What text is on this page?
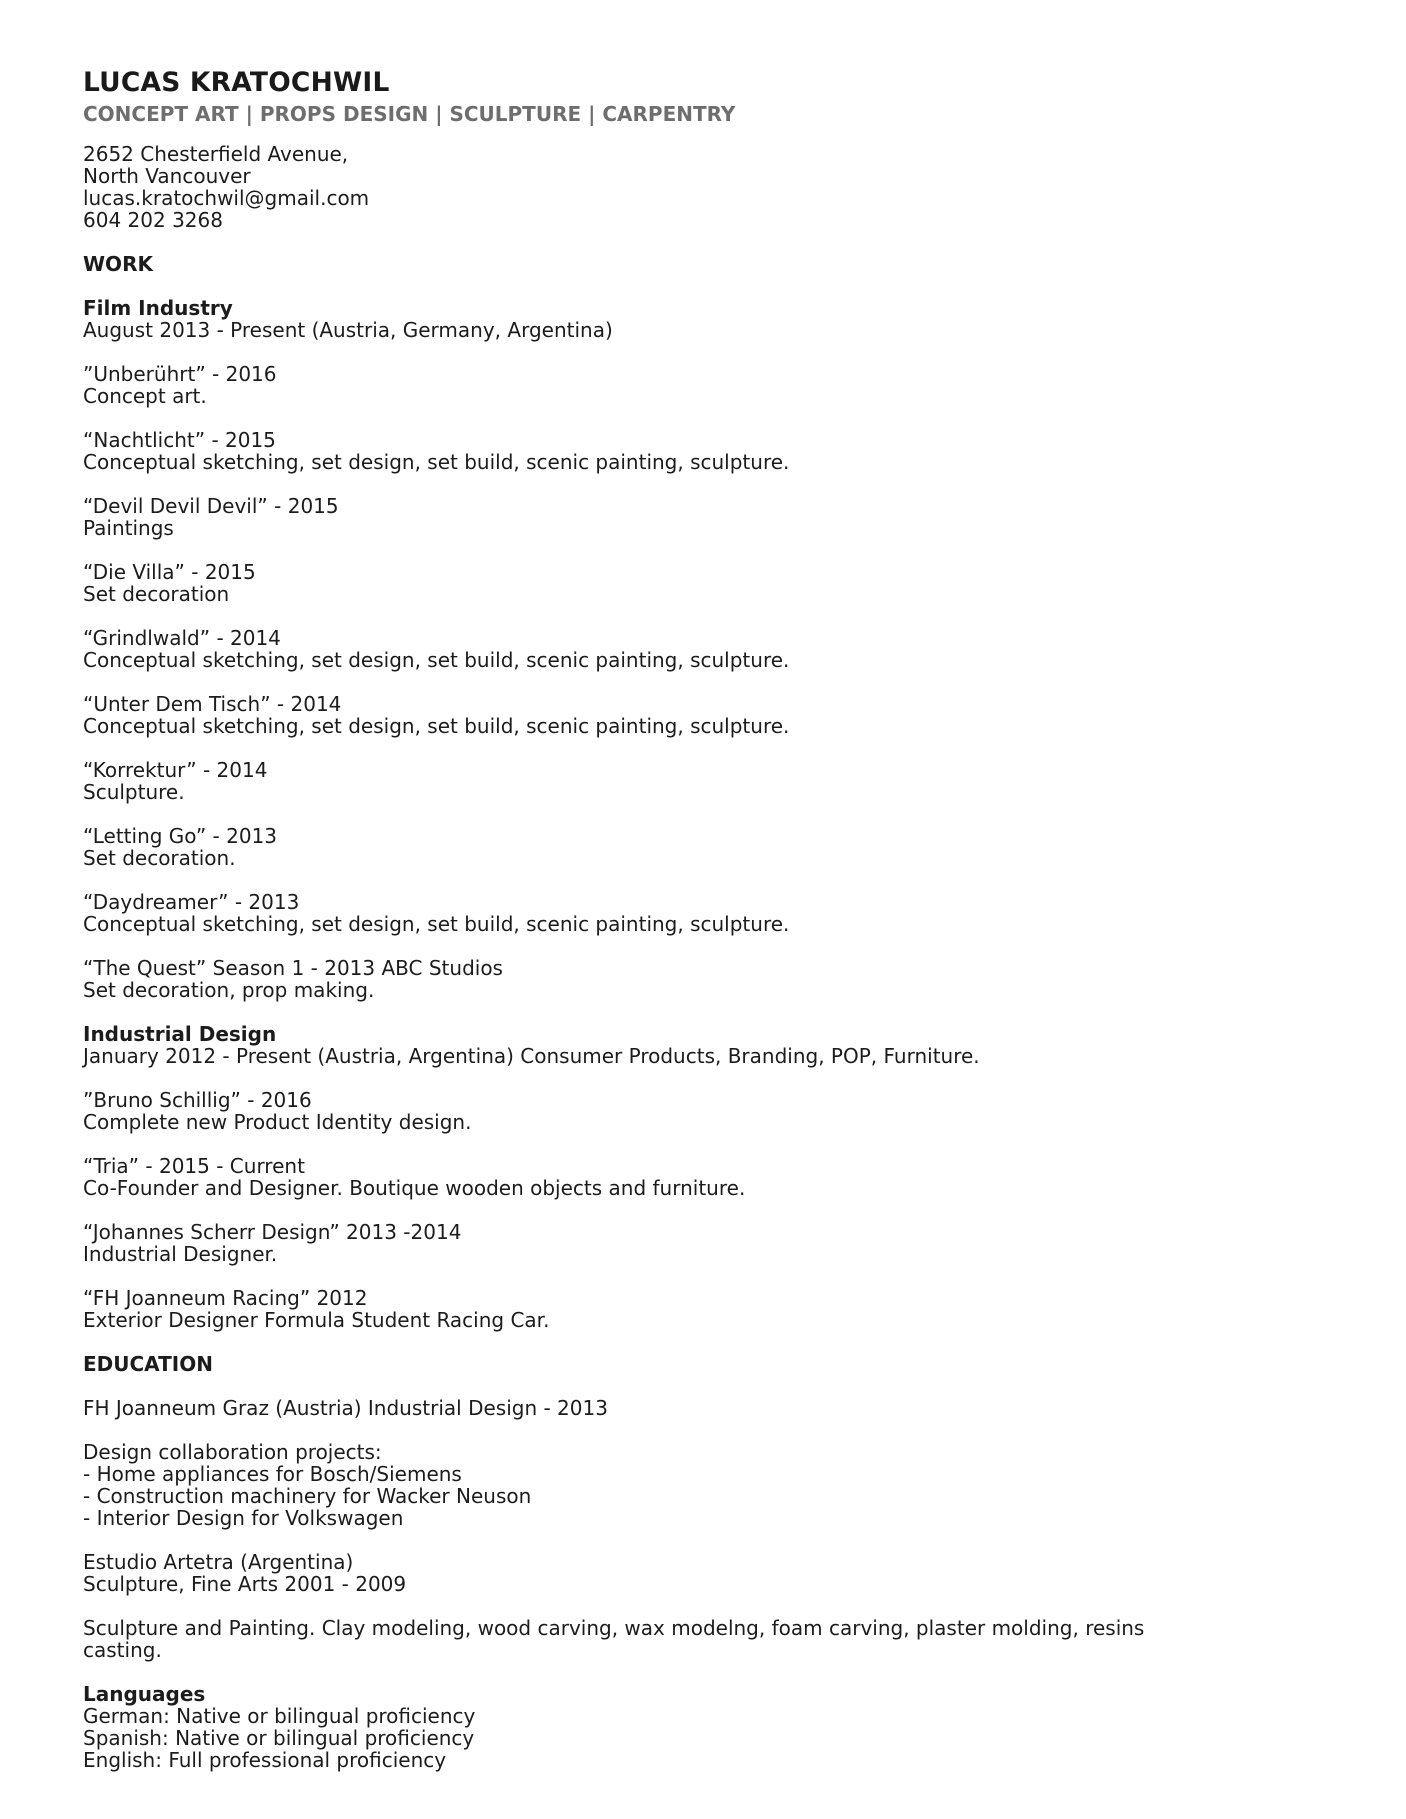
LUCAS KRATOCHWIL
CONCEPT ART | PROPS DESIGN | SCULPTURE | CARPENTRY
2652 Chesterfield Avenue,
North Vancouver
lucas.kratochwil@gmail.com
604 202 3268
WORK
Film Industry
August 2013 - Present (Austria, Germany, Argentina)
”Unberührt” - 2016
Concept art.
“Nachtlicht” - 2015
Conceptual sketching, set design, set build, scenic painting, sculpture.
“Devil Devil Devil” - 2015
Paintings
“Die Villa” - 2015
Set decoration
“Grindlwald” - 2014
Conceptual sketching, set design, set build, scenic painting, sculpture.
“Unter Dem Tisch” - 2014
Conceptual sketching, set design, set build, scenic painting, sculpture.
“Korrektur” - 2014
Sculpture.
“Letting Go” - 2013
Set decoration.
“Daydreamer” - 2013
Conceptual sketching, set design, set build, scenic painting, sculpture.
“The Quest” Season 1 - 2013 ABC Studios
Set decoration, prop making.
Industrial Design
January 2012 - Present (Austria, Argentina) Consumer Products, Branding, POP, Furniture.
”Bruno Schillig” - 2016
Complete new Product Identity design.
“Tria” - 2015 - Current
Co-Founder and Designer. Boutique wooden objects and furniture.
“Johannes Scherr Design” 2013 -2014
Industrial Designer.
“FH Joanneum Racing” 2012
Exterior Designer Formula Student Racing Car.
EDUCATION
FH Joanneum Graz (Austria) Industrial Design - 2013
Design collaboration projects:
- Home appliances for Bosch/Siemens
- Construction machinery for Wacker Neuson
- Interior Design for Volkswagen
Estudio Artetra (Argentina)
Sculpture, Fine Arts 2001 - 2009
Sculpture and Painting. Clay modeling, wood carving, wax modelng, foam carving, plaster molding, resins
casting.
Languages
German: Native or bilingual proficiency
Spanish: Native or bilingual proficiency
English: Full professional proficiency
